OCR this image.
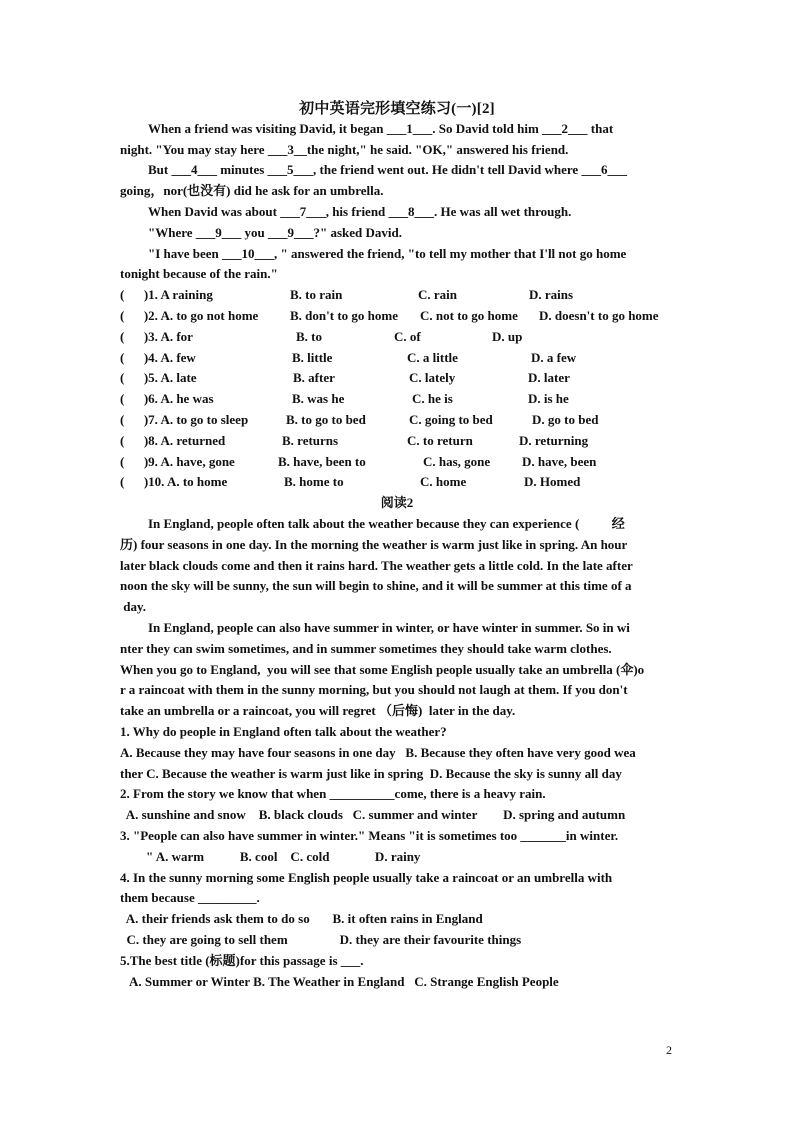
初中英语完形填空练习(一)[2]
When a friend was visiting David, it began ___1___. So David told him ___2___ that
night. "You may stay here ___3__the night," he said. "OK," answered his friend.
But ___4___ minutes ___5___, the friend went out. He didn't tell David where ___6___
going，nor(也没有) did he ask for an umbrella.
When David was about ___7___, his friend ___8___. He was all wet through.
"Where ___9___ you ___9___?" asked David.
"I have been ___10___, " answered the friend, "to tell my mother that I'll not go home
tonight because of the rain."
(      )1. A raining	B. to rain	C. rain	D. rains
(      )2. A. to go not home B. don't to go home C. not to go home D. doesn't to go home
(      )3. A. for	B. to	C. of	D. up
(      )4. A. few	B. little	C. a little	D. a few
(      )5. A. late	B. after	C. lately	D. later
(      )6. A. he was	B. was he	C. he is	D. is he
(      )7. A. to go to sleep	B. to go to bed	C. going to bed	D. go to bed
(      )8. A. returned	B. returns	C. to return	D. returning
(      )9. A. have, gone	B. have, been to	C. has, gone D. have, been
(      )10. A. to home	B. home to	C. home	D. Homed
阅读2
In England, people often talk about the weather because they can experience (          经
历) four seasons in one day. In the morning the weather is warm just like in spring. An hour
later black clouds come and then it rains hard. The weather gets a little cold. In the late after
noon the sky will be sunny, the sun will begin to shine, and it will be summer at this time of a
day.
In England, people can also have summer in winter, or have winter in summer. So in wi
nter they can swim sometimes, and in summer sometimes they should take warm clothes.
When you go to England,  you will see that some English people usually take an umbrella (伞)o
r a raincoat with them in the sunny morning, but you should not laugh at them. If you don't
take an umbrella or a raincoat, you will regret （后悔)  later in the day.
1. Why do people in England often talk about the weather?
A. Because they may have four seasons in one day   B. Because they often have very good wea
ther C. Because the weather is warm just like in spring  D. Because the sky is sunny all day
2. From the story we know that when __________come, there is a heavy rain.
A. sunshine and snow    B. black clouds   C. summer and winter        D. spring and autumn
3. "People can also have summer in winter." Means "it is sometimes too _______in winter.
" A. warm           B. cool    C. cold              D. rainy
4. In the sunny morning some English people usually take a raincoat or an umbrella with
them because _________.
A. their friends ask them to do so       B. it often rains in England
C. they are going to sell them                D. they are their favourite things
5.The best title (标题)for this passage is ___.
A. Summer or Winter B. The Weather in England   C. Strange English People
2
